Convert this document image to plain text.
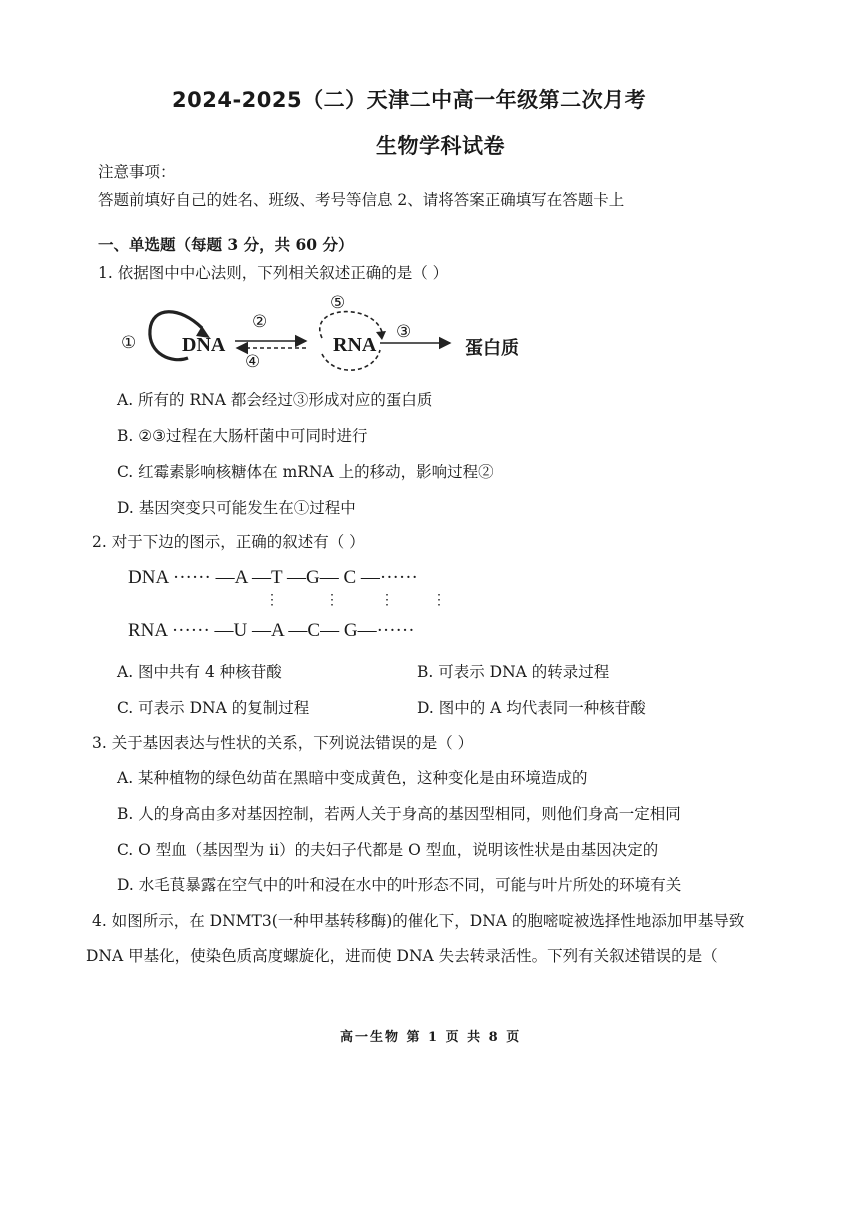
2024-2025（二）天津二中高一年级第二次月考
生物学科试卷
注意事项：
答题前填好自己的姓名、班级、考号等信息 2、请将答案正确填写在答题卡上
一、单选题（每题 3 分，共 60 分）
1. 依据图中中心法则，下列相关叙述正确的是（ ）
① DNA
②
④
⑤
RNA
③
蛋白质
A. 所有的 RNA 都会经过③形成对应的蛋白质
B. ②③过程在大肠杆菌中可同时进行
C. 红霉素影响核糖体在 mRNA 上的移动，影响过程②
D. 基因突变只可能发生在①过程中
2. 对于下边的图示，正确的叙述有（ ）
DNA ······ —A —T —G— C —······
⋮	⋮	⋮	⋮
RNA ······ —U —A —C— G—······
A. 图中共有 4 种核苷酸	B. 可表示 DNA 的转录过程
C. 可表示 DNA 的复制过程	D. 图中的 A 均代表同一种核苷酸
3. 关于基因表达与性状的关系，下列说法错误的是（ ）
A. 某种植物的绿色幼苗在黑暗中变成黄色，这种变化是由环境造成的
B. 人的身高由多对基因控制，若两人关于身高的基因型相同，则他们身高一定相同
C. O 型血（基因型为 ii）的夫妇子代都是 O 型血，说明该性状是由基因决定的
D. 水毛茛暴露在空气中的叶和浸在水中的叶形态不同，可能与叶片所处的环境有关
4. 如图所示，在 DNMT3(一种甲基转移酶)的催化下，DNA 的胞嘧啶被选择性地添加甲基导致
DNA 甲基化，使染色质高度螺旋化，进而使 DNA 失去转录活性。下列有关叙述错误的是（
高一生物 第 1 页 共 8 页
